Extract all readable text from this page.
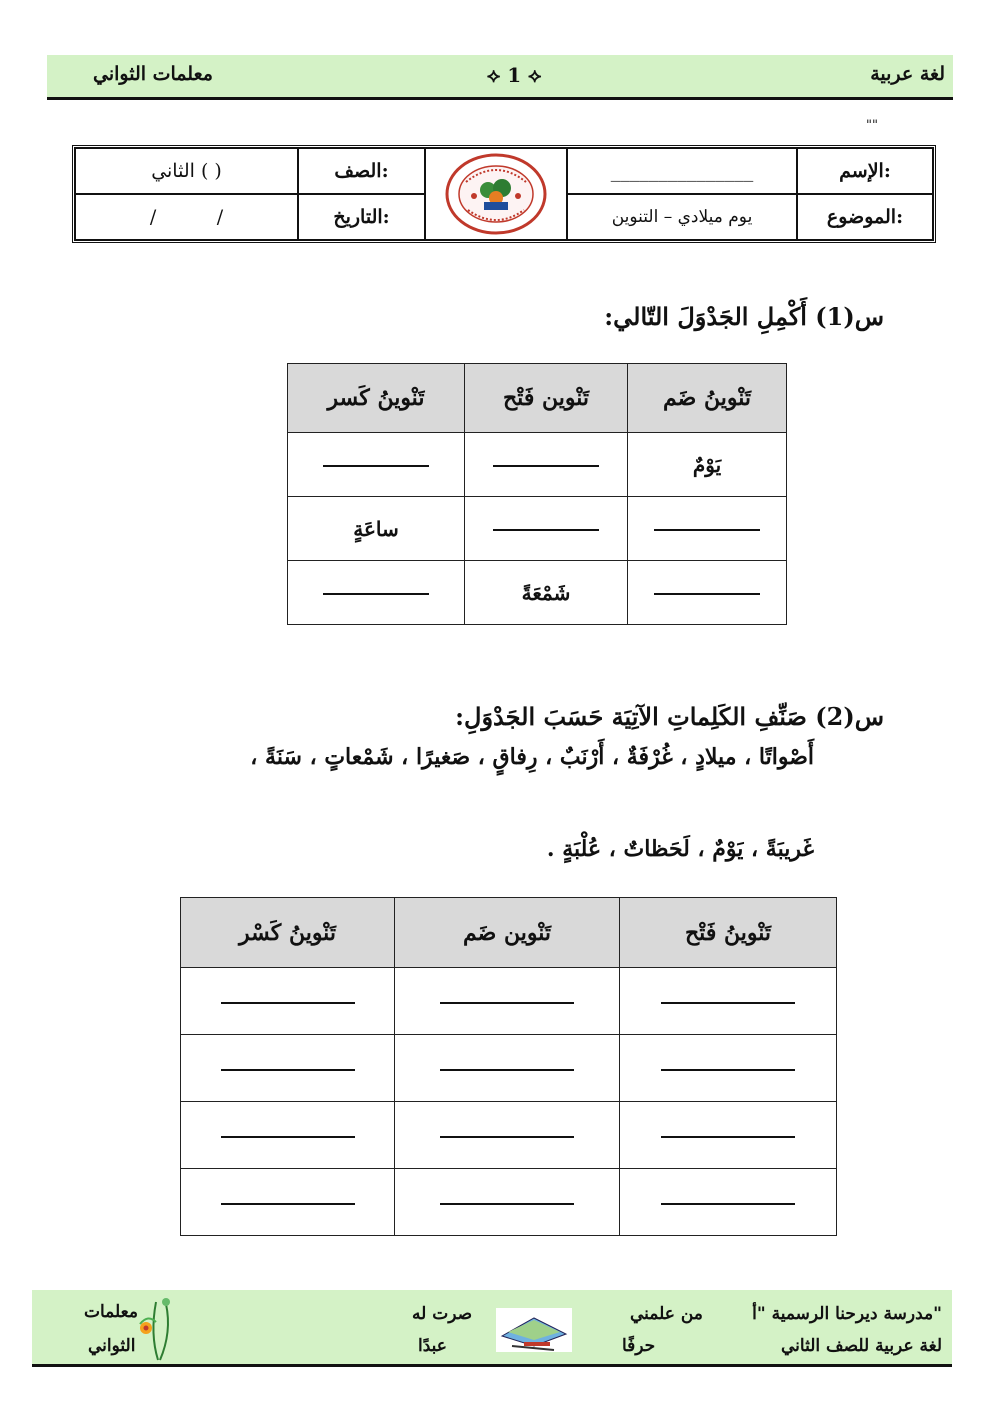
لغة عربية
⟡ 1 ⟡
معلمات الثواني
""
الإسم:
_______________
الموضوع:
يوم ميلادي – التنوين
الصف:
الثاني ( )
التاريخ:
/          /
س(1) أَكْمِلِ الجَدْوَلَ التّالي:
تَنْوينُ ضَم	تَنْوين فَتْح	تَنْوينُ كَسر
يَوْمٌ		
		ساعَةٍ
	شَمْعَةً	
س(2) صَنِّفِ الكَلِماتِ الآتِيَة حَسَبَ الجَدْوَلِ:
أَصْواتًا ، ميلادٍ ، غُرْفَةٌ ، أَرْنَبٌ ، رِفاقٍ ، صَغيرًا ، شَمْعاتٍ ، سَنَةً ،
غَريبَةً ، يَوْمٌ ، لَحَظاتٌ ، عُلْبَةٍ .
تَنْوينُ فَتْح	تَنْوين ضَم	تَنْوينُ كَسْر

مدرسة ديرحنا الرسمية "أ"
لغة عربية للصف الثاني
من علمني
حرفًا
صرت له
عبدًا
معلمات
الثواني
